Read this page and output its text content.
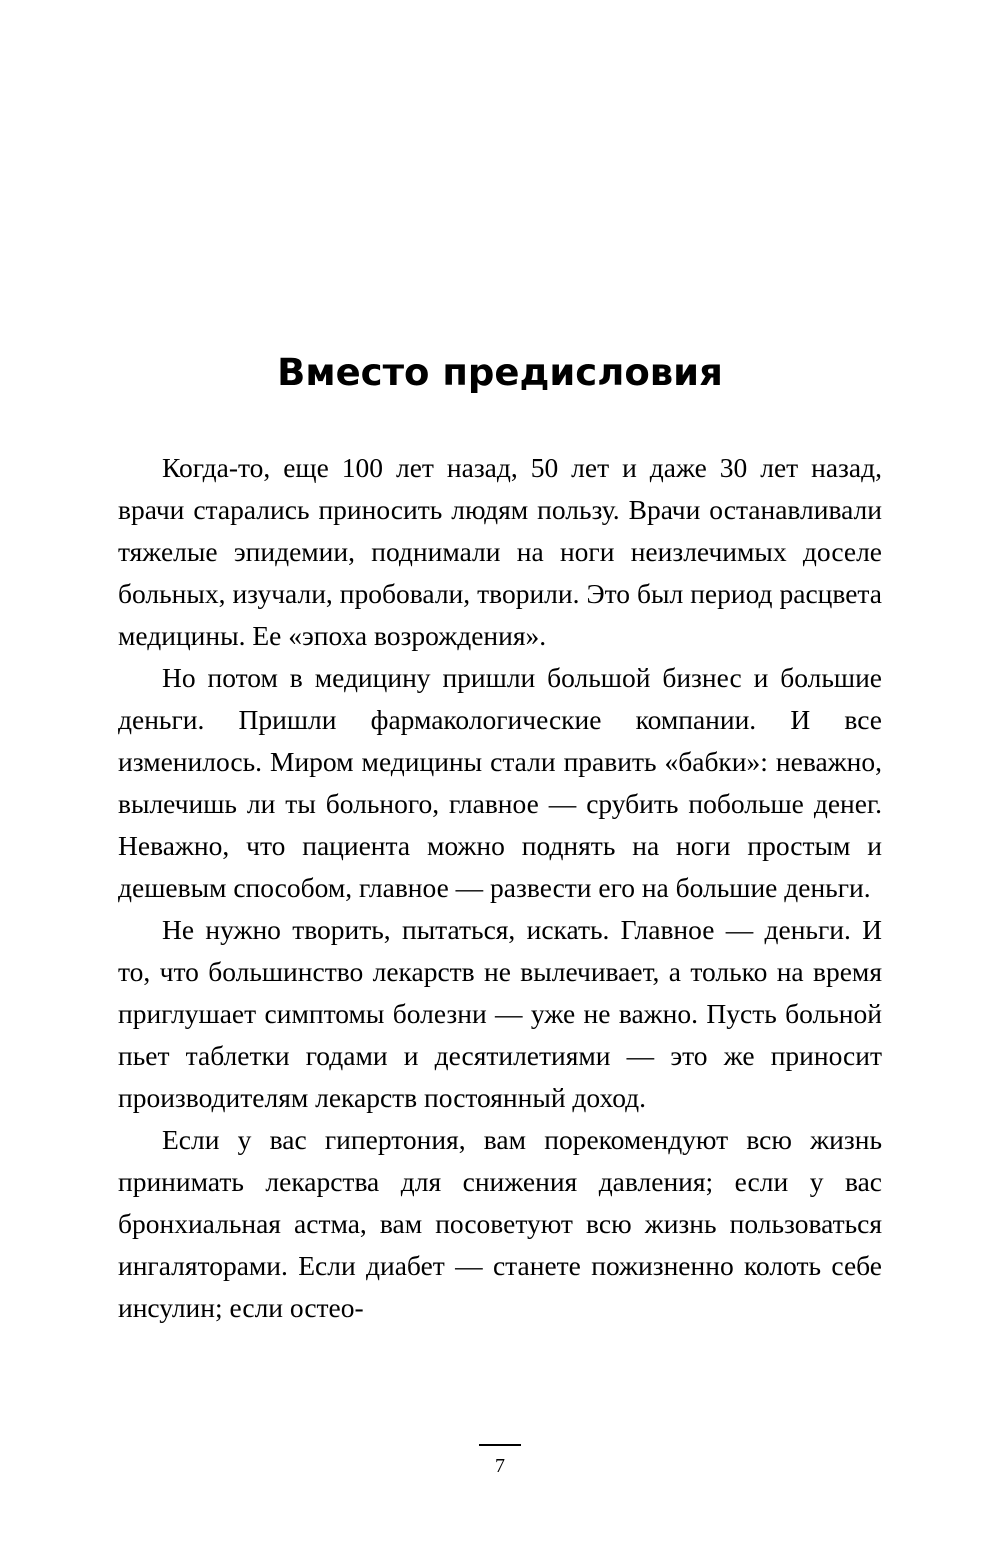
Вместо предисловия

Когда-то, еще 100 лет назад, 50 лет и даже 30 лет назад, врачи старались приносить людям пользу. Врачи останавливали тяжелые эпидемии, поднимали на ноги неизлечимых доселе больных, изучали, пробовали, творили. Это был период расцвета медицины. Ее «эпоха возрождения».

Но потом в медицину пришли большой бизнес и большие деньги. Пришли фармакологические компании. И все изменилось. Миром медицины стали править «бабки»: неважно, вылечишь ли ты больного, главное — срубить побольше денег. Неважно, что пациента можно поднять на ноги простым и дешевым способом, главное — развести его на большие деньги.

Не нужно творить, пытаться, искать. Главное — деньги. И то, что большинство лекарств не вылечивает, а только на время приглушает симптомы болезни — уже не важно. Пусть больной пьет таблетки годами и десятилетиями — это же приносит производителям лекарств постоянный доход.

Если у вас гипертония, вам порекомендуют всю жизнь принимать лекарства для снижения давления; если у вас бронхиальная астма, вам посоветуют всю жизнь пользоваться ингаляторами. Если диабет — станете пожизненно колоть себе инсулин; если остео-

7
